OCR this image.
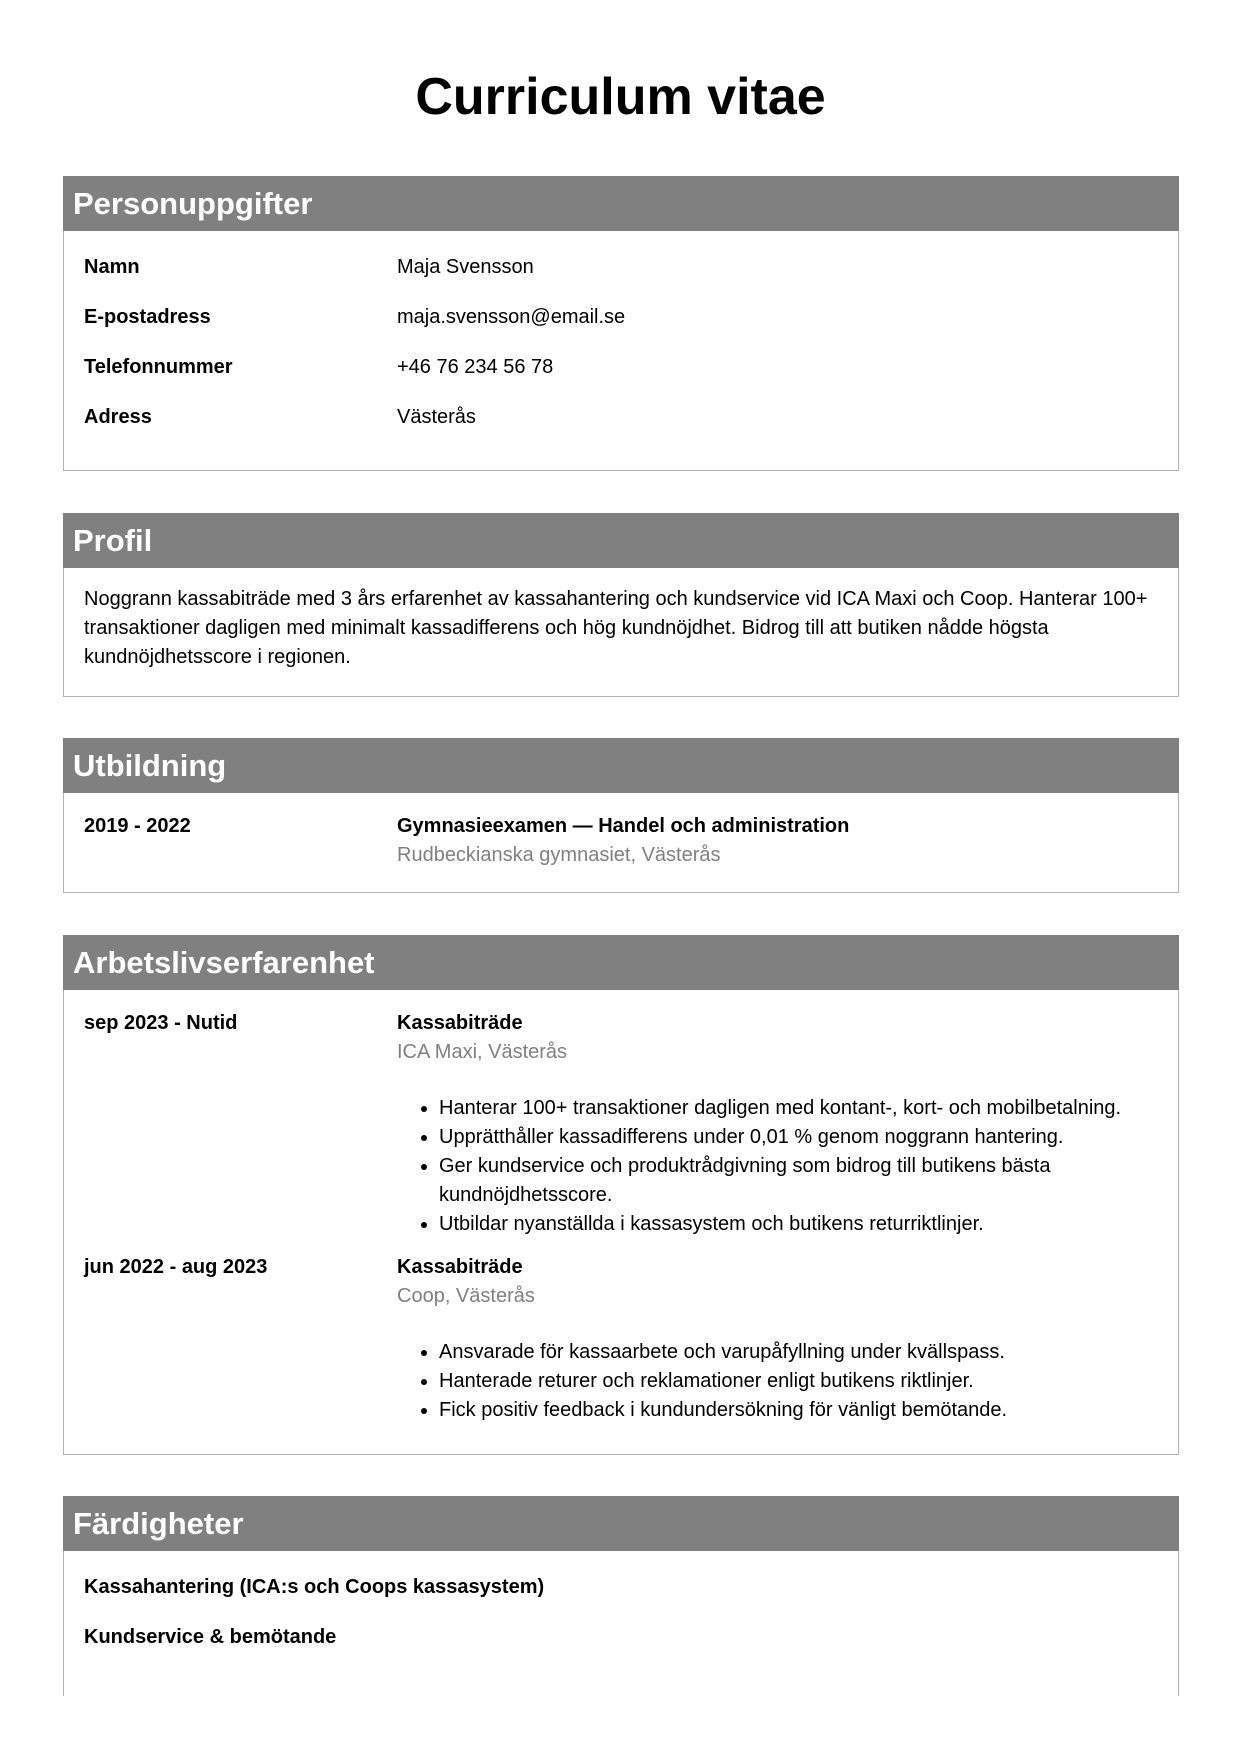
Curriculum vitae
Personuppgifter
Namn	Maja Svensson
E-postadress	maja.svensson@email.se
Telefonnummer	+46 76 234 56 78
Adress	Västerås
Profil
Noggrann kassabiträde med 3 års erfarenhet av kassahantering och kundservice vid ICA Maxi och Coop. Hanterar 100+ transaktioner dagligen med minimalt kassadifferens och hög kundnöjdhet. Bidrog till att butiken nådde högsta kundnöjdhetsscore i regionen.
Utbildning
2019 - 2022	Gymnasieexamen — Handel och administration
Rudbeckianska gymnasiet, Västerås
Arbetslivserfarenhet
sep 2023 - Nutid	Kassabiträde
ICA Maxi, Västerås
• Hanterar 100+ transaktioner dagligen med kontant-, kort- och mobilbetalning.
• Upprätthåller kassadifferens under 0,01 % genom noggrann hantering.
• Ger kundservice och produktrådgivning som bidrog till butikens bästa kundnöjdhetsscore.
• Utbildar nyanställda i kassasystem och butikens returriktlinjer.
jun 2022 - aug 2023	Kassabiträde
Coop, Västerås
• Ansvarade för kassaarbete och varupåfyllning under kvällspass.
• Hanterade returer och reklamationer enligt butikens riktlinjer.
• Fick positiv feedback i kundundersökning för vänligt bemötande.
Färdigheter
Kassahantering (ICA:s och Coops kassasystem)
Kundservice & bemötande
